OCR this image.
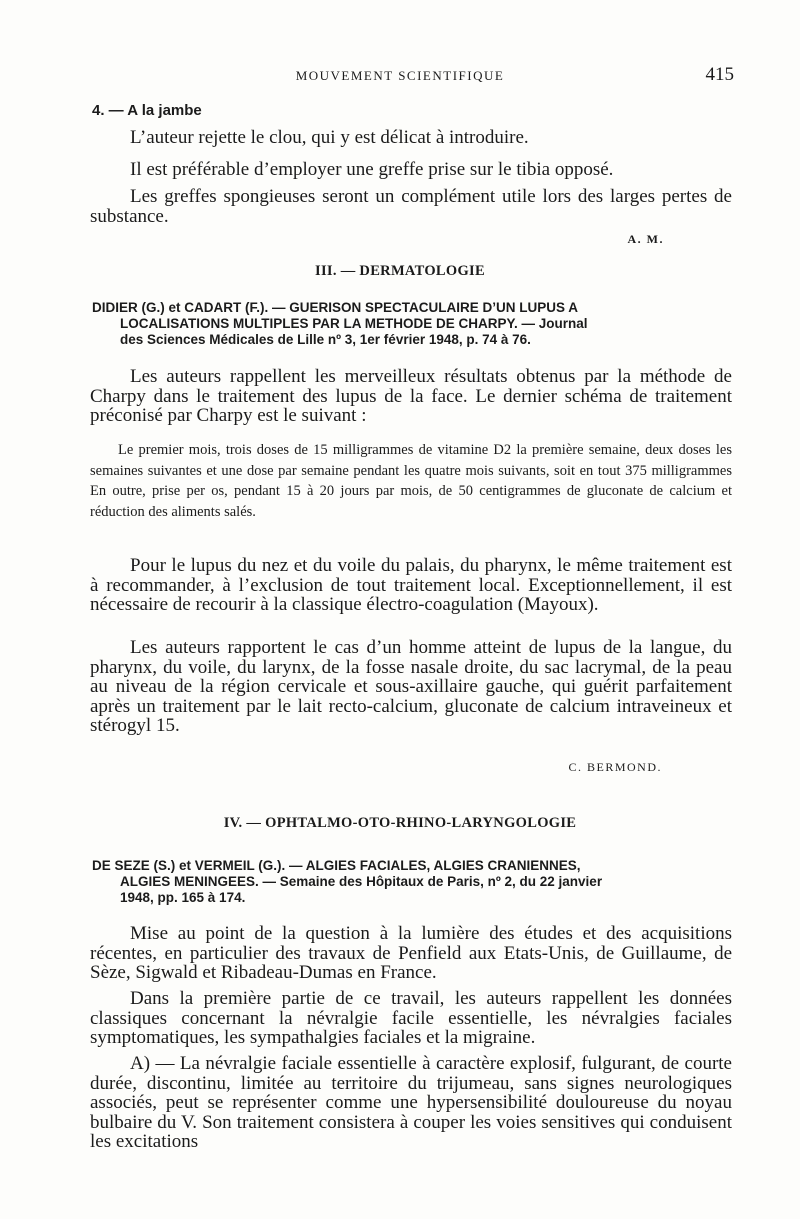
MOUVEMENT SCIENTIFIQUE	415
4. — A la jambe

L’auteur rejette le clou, qui y est délicat à introduire.

Il est préférable d’employer une greffe prise sur le tibia opposé.

Les greffes spongieuses seront un complément utile lors des larges pertes de substance.

A. M.
III. — DERMATOLOGIE

DIDIER (G.) et CADART (F.). — GUERISON SPECTACULAIRE D’UN LUPUS A
LOCALISATIONS MULTIPLES PAR LA METHODE DE CHARPY. — Journal
des Sciences Médicales de Lille nº 3, 1er février 1948, p. 74 à 76.

Les auteurs rappellent les merveilleux résultats obtenus par la méthode de Charpy dans le traitement des lupus de la face. Le dernier schéma de traitement préconisé par Charpy est le suivant :

Le premier mois, trois doses de 15 milligrammes de vitamine D2 la première semaine, deux doses les semaines suivantes et une dose par semaine pendant les quatre mois suivants, soit en tout 375 milligrammes En outre, prise per os, pendant 15 à 20 jours par mois, de 50 centigrammes de gluconate de calcium et réduction des aliments salés.

Pour le lupus du nez et du voile du palais, du pharynx, le même traitement est à recommander, à l’exclusion de tout traitement local. Exceptionnellement, il est nécessaire de recourir à la classique électro-coagulation (Mayoux).

Les auteurs rapportent le cas d’un homme atteint de lupus de la langue, du pharynx, du voile, du larynx, de la fosse nasale droite, du sac lacrymal, de la peau au niveau de la région cervicale et sous-axillaire gauche, qui guérit parfaitement après un traitement par le lait recto-calcium, gluconate de calcium intraveineux et stérogyl 15.

C. BERMOND.
IV. — OPHTALMO-OTO-RHINO-LARYNGOLOGIE

DE SEZE (S.) et VERMEIL (G.). — ALGIES FACIALES, ALGIES CRANIENNES,
ALGIES MENINGEES. — Semaine des Hôpitaux de Paris, nº 2, du 22 janvier
1948, pp. 165 à 174.

Mise au point de la question à la lumière des études et des acquisitions récentes, en particulier des travaux de Penfield aux Etats-Unis, de Guillaume, de Sèze, Sigwald et Ribadeau-Dumas en France.

Dans la première partie de ce travail, les auteurs rappellent les données classiques concernant la névralgie facile essentielle, les névralgies faciales symptomatiques, les sympathalgies faciales et la migraine.

A) — La névralgie faciale essentielle à caractère explosif, fulgurant, de courte durée, discontinu, limitée au territoire du trijumeau, sans signes neurologiques associés, peut se représenter comme une hypersensibilité douloureuse du noyau bulbaire du V. Son traitement consistera à couper les voies sensitives qui conduisent les excitations
